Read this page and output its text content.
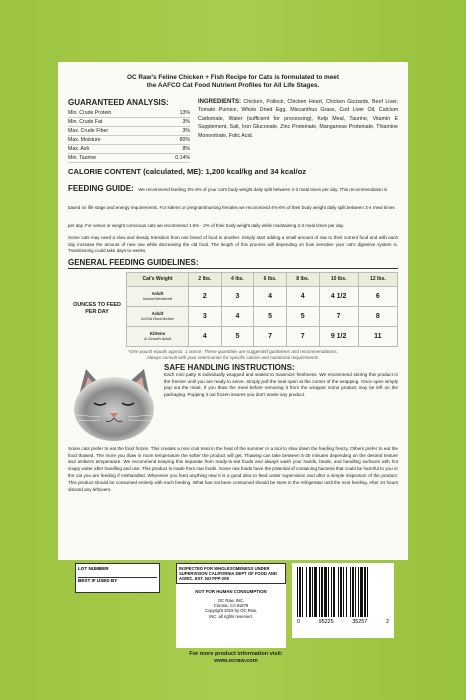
OC Raw's Feline Chicken + Fish Recipe for Cats is formulated to meet
the AAFCO Cat Food Nutrient Profiles for All Life Stages.
GUARANTEED ANALYSIS:
Min. Crude Protein	13%
Min. Crude Fat	3%
Max. Crude Fiber	3%
Max. Moisture	80%
Max. Ash	8%
Min. Taurine	0.14%
INGREDIENTS: Chicken, Pollock, Chicken Heart, Chicken Gizzards, Beef Liver, Tomato Pumice, Whole Dried Egg, Miscanthus Grass, Cod Liver Oil, Calcium Carbonate, Water (sufficient for processing), Kelp Meal, Taurine, Vitamin E Supplement, Salt, Iron Gluconate, Zinc Proteinate, Manganese Proteinate, Thiamine Mononitrate, Folic Acid.
CALORIE CONTENT (calculated, ME): 1,200 kcal/kg and 34 kcal/oz
FEEDING GUIDE: We recommend feeding 3%-3% of your cat's body weight daily split between 2-3 meal times per day. This recommendation is based on life stage and energy requirements. For kittens or pregnant/nursing females we recommend 4%-6% of their body weight daily split between 3-4 meal times per day. For senior or weight conscious cats we recommend 1.5% - 2% of their body weight daily while maintaining 2-3 meal times per day.
Some cats may need a slow and steady transition from one brand of food to another. Simply start adding a small amount of raw to their current food and with each day increase the amount of new raw while decreasing the old food. The length of this process will depending on how sensitive your cat's digestive system is. Transitioning could take days to weeks.
GENERAL FEEDING GUIDELINES:
OUNCES TO FEED PER DAY
Cat's Weight	2 lbs.	4 lbs.	6 lbs.	8 lbs.	10 lbs.	12 lbs.
Adult
Indoor/Neutered	2	3	4	4	4 1/2	6
Adult
In/Out Door/Active	3	4	5	5	7	8
Kittens
& Growth Adult	4	5	7	7	9 1/2	11
*One pouch equals approx. 1 ounce. These quantities are suggested guidelines and recommendations.
Always consult with your veterinarian for specific calorie and nutritional requirements.
SAFE HANDLING INSTRUCTIONS:
Each mini patty is individually wrapped and sealed to maximize freshness. We recommend storing this product in the freezer until you are ready to serve. Simply pull the seal open at the corner of the wrapping. Once open simply pop out the meal. If you thaw the meal before removing it from the wrapper some product may be left on the packaging. Popping it out frozen insures you don't waste any product.
Some cats prefer to eat the food frozen. This creates a nice cool treat in the heat of the summer or a tool to slow down the feeding frenzy. Others prefer to eat the food thawed. The more you thaw in room temperature the softer the product will get. Thawing can take between 5-30 minutes depending on the desired texture and ambient temperature. We recommend keeping this separate from ready-to-eat foods and always wash your hands, bowls, and handling surfaces with hot soapy water after handling and use. This product is made from raw foods. Some raw foods have the potential of containing bacteria that could be harmful to you or the cat you are feeding if mishandled. Whenever you feed anything new it is a good idea to feed under supervision and after a simple inspection of the product. This product should be consumed entirely with each feeding. What has not been consumed should be store in the refrigerator until the next feeding. After 24 hours discard any leftovers.
LOT NUMBER
BEST IF USED BY
INSPECTED FOR WHOLESOMENESS UNDER SUPERVISION CALIFORNIA DEPT OF FOOD AND AGRIC. EST. NO PFP-209
NOT FOR HUMAN CONSUMPTION
OC Raw, INC.
Corona, CA 91878
Copyright 2019 by OC Raw,
INC. all rights reserved.
0	95225	35257	2
For more product information visit:
www.ocraw.com
